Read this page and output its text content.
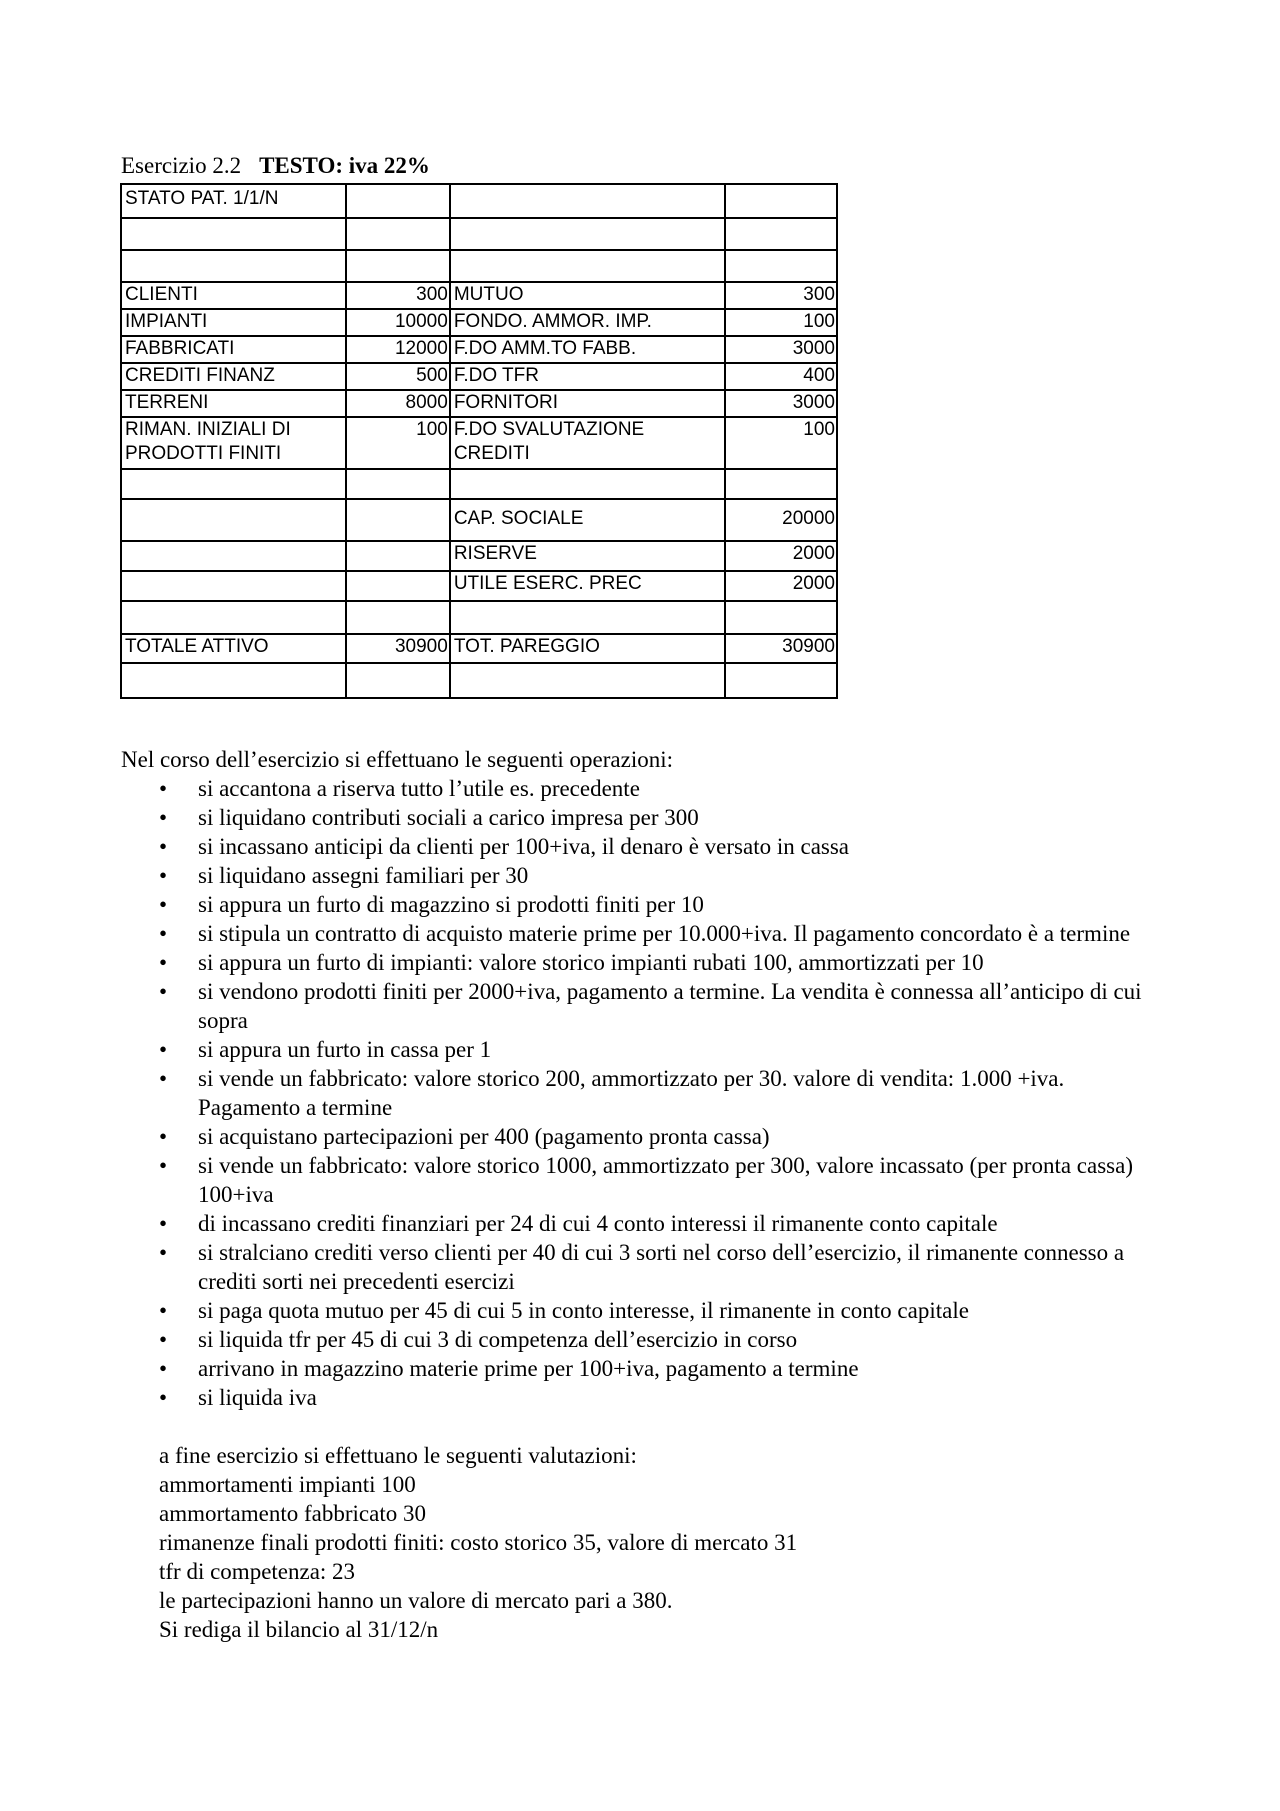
Esercizio 2.2 TESTO: iva 22%
STATO PAT. 1/1/N			

CLIENTI	300	MUTUO	300
IMPIANTI	10000	FONDO. AMMOR. IMP.	100
FABBRICATI	12000	F.DO AMM.TO FABB.	3000
CREDITI FINANZ	500	F.DO TFR	400
TERRENI	8000	FORNITORI	3000
RIMAN. INIZIALI DI PRODOTTI FINITI	100	F.DO SVALUTAZIONE CREDITI	100

		CAP. SOCIALE	20000
		RISERVE	2000
		UTILE ESERC. PREC	2000

TOTALE ATTIVO	30900	TOT. PAREGGIO	30900

Nel corso dell’esercizio si effettuano le seguenti operazioni:

• si accantona a riserva tutto l’utile es. precedente
• si liquidano contributi sociali a carico impresa per 300
• si incassano anticipi da clienti per 100+iva, il denaro è versato in cassa
• si liquidano assegni familiari per 30
• si appura un furto di magazzino si prodotti finiti per 10
• si stipula un contratto di acquisto materie prime per 10.000+iva. Il pagamento concordato è a termine
• si appura un furto di impianti: valore storico impianti rubati 100, ammortizzati per 10
• si vendono prodotti finiti per 2000+iva, pagamento a termine. La vendita è connessa all’anticipo di cui sopra
• si appura un furto in cassa per 1
• si vende un fabbricato: valore storico 200, ammortizzato per 30. valore di vendita: 1.000 +iva. Pagamento a termine
• si acquistano partecipazioni per 400 (pagamento pronta cassa)
• si vende un fabbricato: valore storico 1000, ammortizzato per 300, valore incassato (per pronta cassa) 100+iva
• di incassano crediti finanziari per 24 di cui 4 conto interessi il rimanente conto capitale
• si stralciano crediti verso clienti per 40 di cui 3 sorti nel corso dell’esercizio, il rimanente connesso a crediti sorti nei precedenti esercizi
• si paga quota mutuo per 45 di cui 5 in conto interesse, il rimanente in conto capitale
• si liquida tfr per 45 di cui 3 di competenza dell’esercizio in corso
• arrivano in magazzino materie prime per 100+iva, pagamento a termine
• si liquida iva
a fine esercizio si effettuano le seguenti valutazioni:
ammortamenti impianti 100
ammortamento fabbricato 30
rimanenze finali prodotti finiti: costo storico 35, valore di mercato 31
tfr di competenza: 23
le partecipazioni hanno un valore di mercato pari a 380.
Si rediga il bilancio al 31/12/n
